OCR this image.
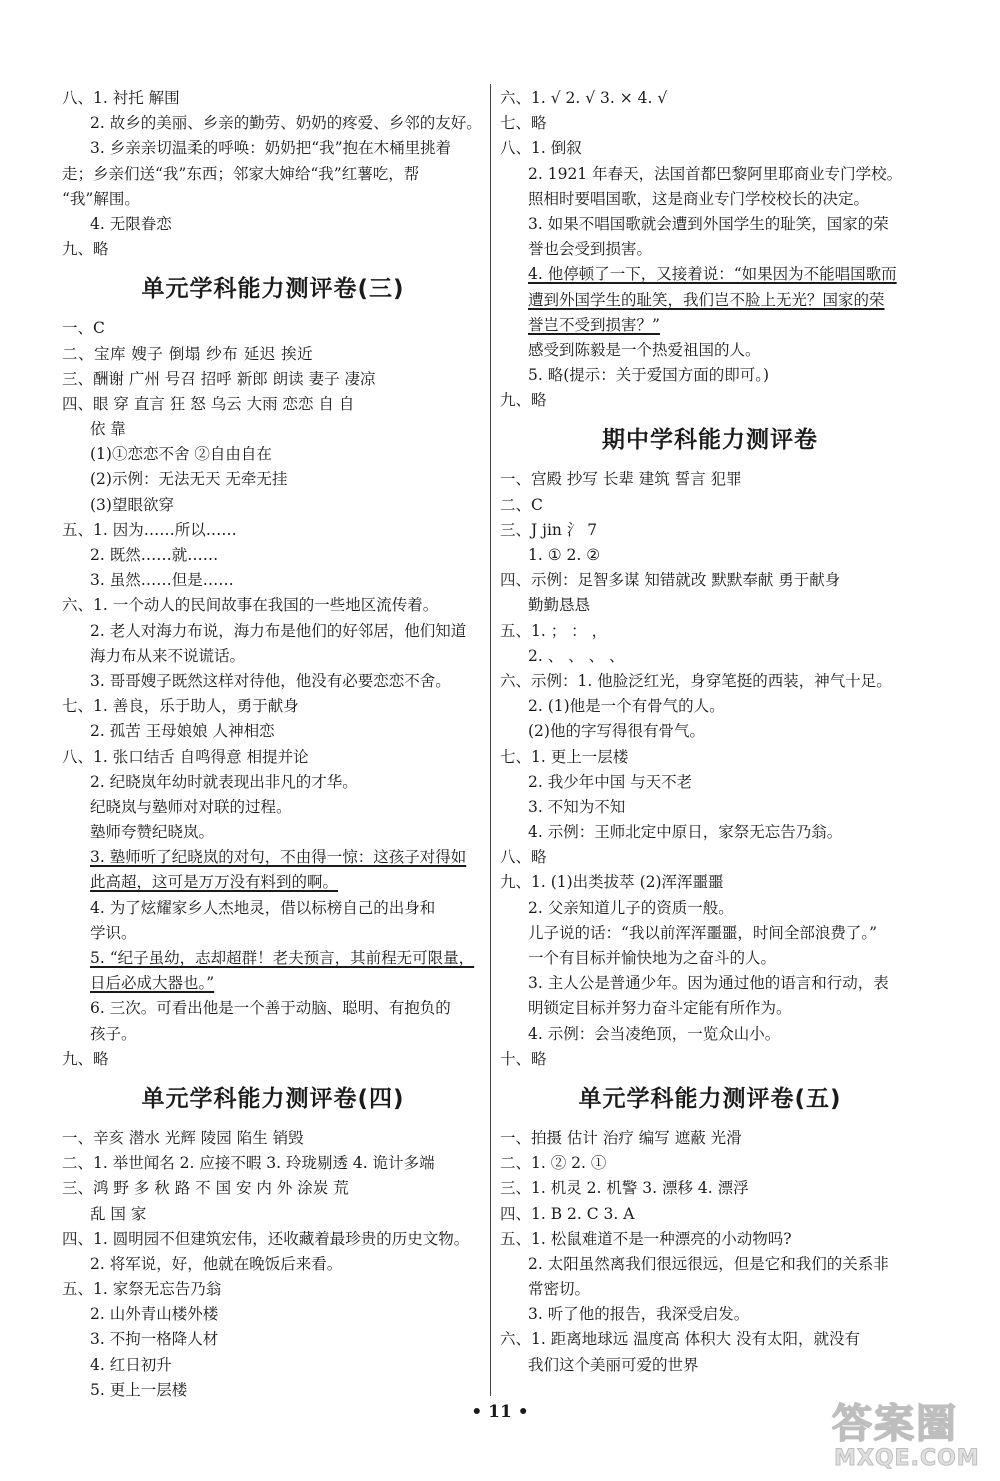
八、1. 衬托 解围
2. 故乡的美丽、乡亲的勤劳、奶奶的疼爱、乡邻的友好。
3. 乡亲亲切温柔的呼唤：奶奶把“我”抱在木桶里挑着
走；乡亲们送“我”东西；邻家大婶给“我”红薯吃，帮
“我”解围。
4. 无限眷恋
九、略
单元学科能力测评卷(三)
一、C
二、宝库 嫂子 倒塌 纱布 延迟 挨近
三、酬谢 广州 号召 招呼 新郎 朗读 妻子 凄凉
四、眼 穿 直言 狂 怒 乌云 大雨 恋恋 自 自
依 靠
(1)①恋恋不舍 ②自由自在
(2)示例：无法无天 无牵无挂
(3)望眼欲穿
五、1. 因为……所以……
2. 既然……就……
3. 虽然……但是……
六、1. 一个动人的民间故事在我国的一些地区流传着。
2. 老人对海力布说，海力布是他们的好邻居，他们知道
海力布从来不说谎话。
3. 哥哥嫂子既然这样对待他，他没有必要恋恋不舍。
七、1. 善良，乐于助人，勇于献身
2. 孤苦 王母娘娘 人神相恋
八、1. 张口结舌 自鸣得意 相提并论
2. 纪晓岚年幼时就表现出非凡的才华。
纪晓岚与塾师对对联的过程。
塾师夸赞纪晓岚。
3. 塾师听了纪晓岚的对句，不由得一惊：这孩子对得如
此高超，这可是万万没有料到的啊。
4. 为了炫耀家乡人杰地灵，借以标榜自己的出身和
学识。
5. “纪子虽幼，志却超群！老夫预言，其前程无可限量，
日后必成大器也。”
6. 三次。可看出他是一个善于动脑、聪明、有抱负的
孩子。
九、略
单元学科能力测评卷(四)
一、辛亥 潜水 光辉 陵园 陷生 销毁
二、1. 举世闻名 2. 应接不暇 3. 玲珑剔透 4. 诡计多端
三、鸿 野 多 秋 路 不 国 安 内 外 涂炭 荒
乱 国 家
四、1. 圆明园不但建筑宏伟，还收藏着最珍贵的历史文物。
2. 将军说，好，他就在晚饭后来看。
五、1. 家祭无忘告乃翁
2. 山外青山楼外楼
3. 不拘一格降人材
4. 红日初升
5. 更上一层楼
六、1. √ 2. √ 3. × 4. √
七、略
八、1. 倒叙
2. 1921 年春天，法国首都巴黎阿里耶商业专门学校。
照相时要唱国歌，这是商业专门学校校长的决定。
3. 如果不唱国歌就会遭到外国学生的耻笑，国家的荣
誉也会受到损害。
4. 他停顿了一下，又接着说：“如果因为不能唱国歌而
遭到外国学生的耻笑，我们岂不脸上无光？国家的荣
誉岂不受到损害？”
感受到陈毅是一个热爱祖国的人。
5. 略(提示：关于爱国方面的即可。)
九、略
期中学科能力测评卷
一、宫殿 抄写 长辈 建筑 誓言 犯罪
二、C
三、J jin 氵 7
1. ① 2. ②
四、示例：足智多谋 知错就改 默默奉献 勇于献身
勤勤恳恳
五、1. ； ： ，
2. 、 、 、 、
六、示例：1. 他脸泛红光，身穿笔挺的西装，神气十足。
2. (1)他是一个有骨气的人。
(2)他的字写得很有骨气。
七、1. 更上一层楼
2. 我少年中国 与天不老
3. 不知为不知
4. 示例：王师北定中原日，家祭无忘告乃翁。
八、略
九、1. (1)出类拔萃 (2)浑浑噩噩
2. 父亲知道儿子的资质一般。
儿子说的话：“我以前浑浑噩噩，时间全部浪费了。”
一个有目标并愉快地为之奋斗的人。
3. 主人公是普通少年。因为通过他的语言和行动，表
明锁定目标并努力奋斗定能有所作为。
4. 示例：会当凌绝顶，一览众山小。
十、略
单元学科能力测评卷(五)
一、拍摄 估计 治疗 编写 遮蔽 光滑
二、1. ② 2. ①
三、1. 机灵 2. 机警 3. 漂移 4. 漂浮
四、1. B 2. C 3. A
五、1. 松鼠难道不是一种漂亮的小动物吗?
2. 太阳虽然离我们很远很远，但是它和我们的关系非
常密切。
3. 听了他的报告，我深受启发。
六、1. 距离地球远 温度高 体积大 没有太阳，就没有
我们这个美丽可爱的世界
• 11 •	答案圈
MXQE.COM
